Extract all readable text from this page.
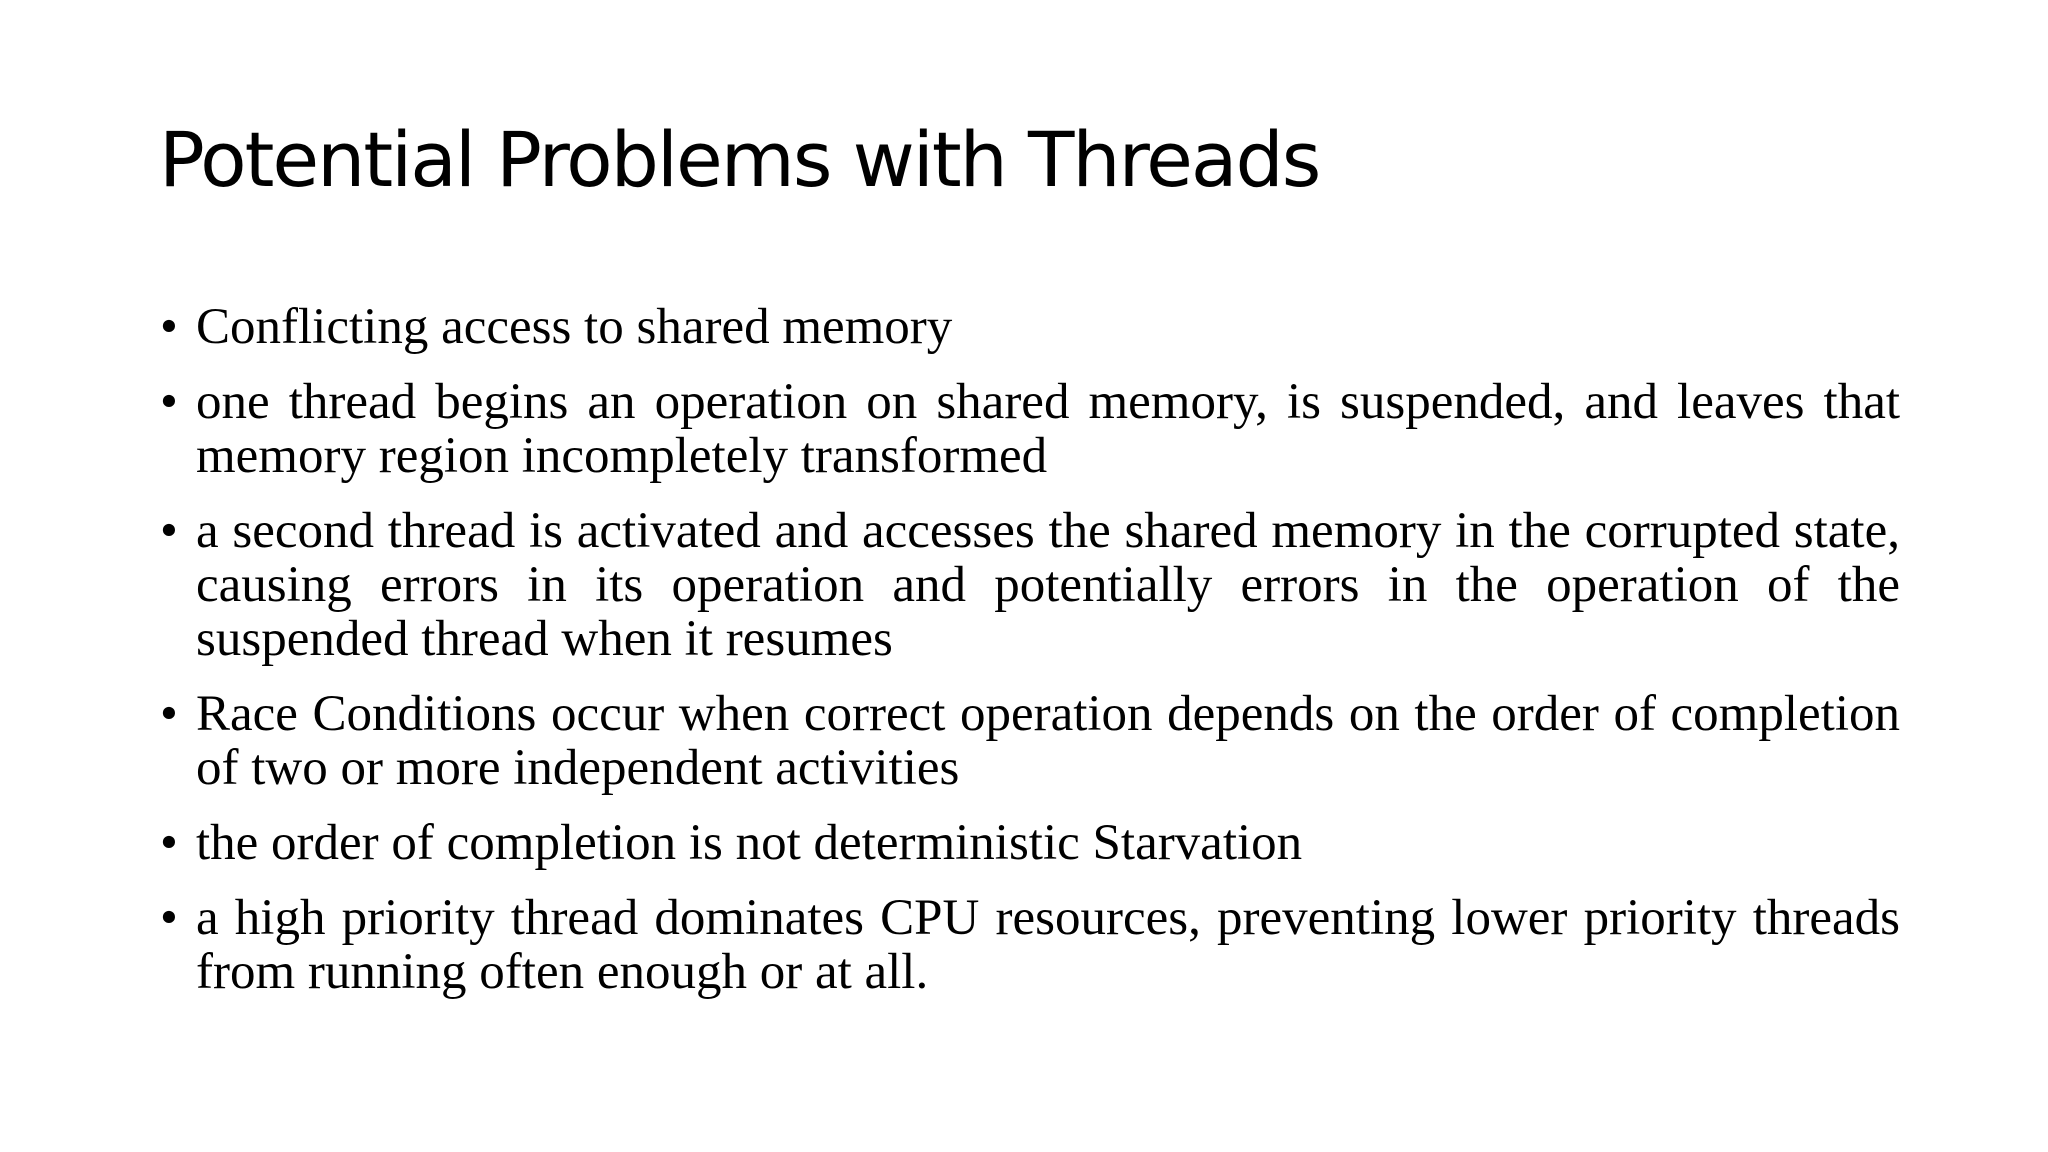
Potential Problems with Threads
• Conflicting access to shared memory
• one thread begins an operation on shared memory, is suspended, and leaves that memory region incompletely transformed
• a second thread is activated and accesses the shared memory in the corrupted state, causing errors in its operation and potentially errors in the operation of the suspended thread when it resumes
• Race Conditions occur when correct operation depends on the order of completion of two or more independent activities
• the order of completion is not deterministic Starvation
• a high priority thread dominates CPU resources, preventing lower priority threads from running often enough or at all.
